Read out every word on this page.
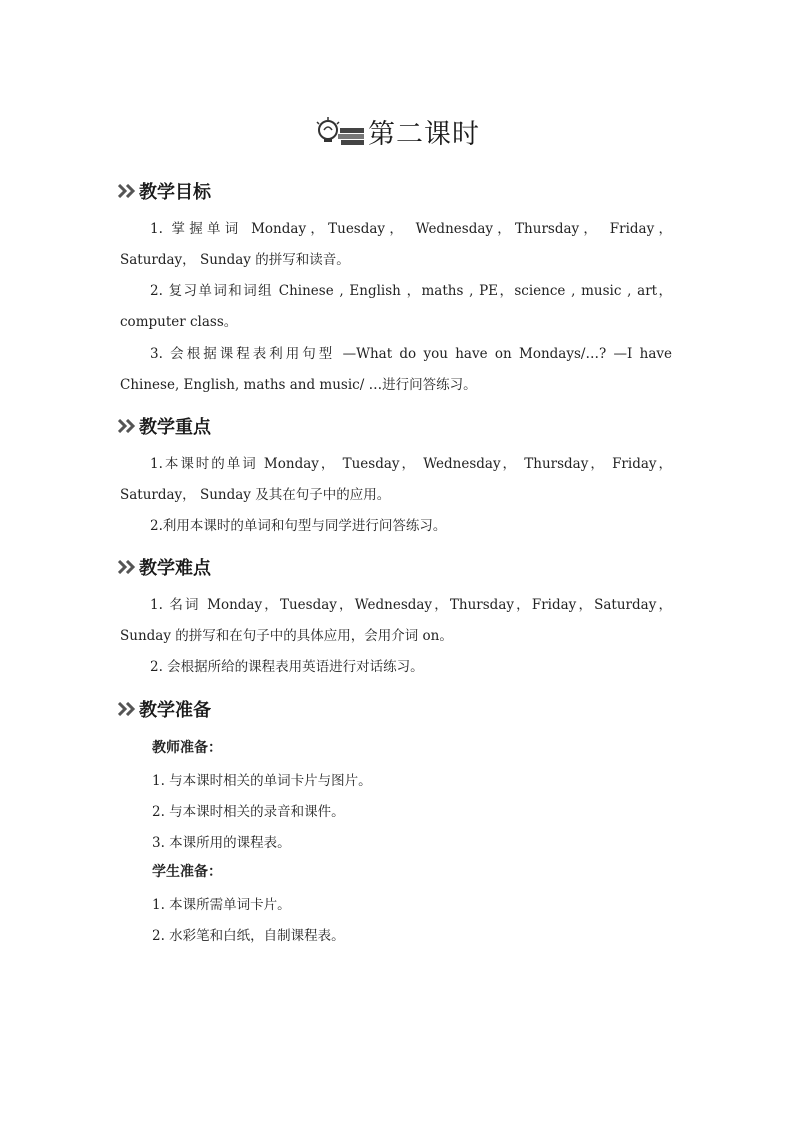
第二课时
教学目标
1. 掌握单词 Monday，Tuesday， Wednesday，Thursday， Friday， Saturday， Sunday 的拼写和读音。
2. 复习单词和词组 Chinese , English ，maths , PE，science , music , art，computer class。
3. 会根据课程表利用句型 —What do you have on Mondays/…? —I have Chinese, English, maths and music/ …进行问答练习。
教学重点
1.本课时的单词 Monday， Tuesday， Wednesday， Thursday， Friday， Saturday， Sunday 及其在句子中的应用。
2.利用本课时的单词和句型与同学进行问答练习。
教学难点
1. 名词 Monday，Tuesday，Wednesday，Thursday，Friday，Saturday，Sunday 的拼写和在句子中的具体应用，会用介词 on。
2. 会根据所给的课程表用英语进行对话练习。
教学准备
教师准备：
1. 与本课时相关的单词卡片与图片。
2. 与本课时相关的录音和课件。
3. 本课所用的课程表。
学生准备：
1. 本课所需单词卡片。
2. 水彩笔和白纸，自制课程表。
